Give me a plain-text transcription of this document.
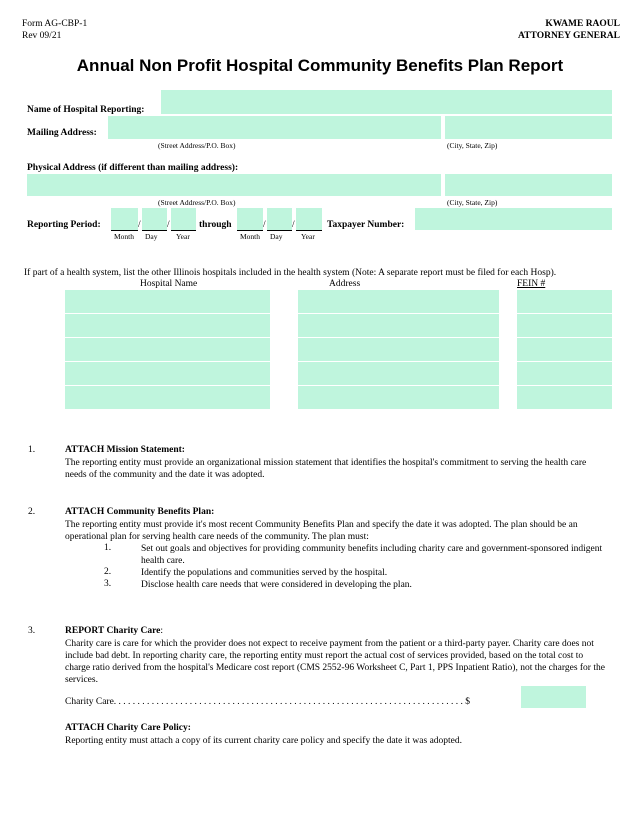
Form AG-CBP-1
Rev 09/21
KWAME RAOUL
ATTORNEY GENERAL
Annual Non Profit Hospital Community Benefits Plan Report
Name of Hospital Reporting:
Mailing Address:
(Street Address/P.O. Box)	(City, State, Zip)
Physical Address (if different than mailing address):
(Street Address/P.O. Box)	(City, State, Zip)
Reporting Period:	/	/
Month Day Year
through	/	/
Month Day Year
Taxpayer Number:
If part of a health system, list the other Illinois hospitals included in the health system (Note: A separate report must be filed for each Hosp).
Hospital Name	Address	FEIN #
1.	ATTACH Mission Statement:
The reporting entity must provide an organizational mission statement that identifies the hospital's commitment to serving the health care needs of the community and the date it was adopted.
2.	ATTACH Community Benefits Plan:
The reporting entity must provide it's most recent Community Benefits Plan and specify the date it was adopted. The plan should be an operational plan for serving health care needs of the community. The plan must:
1.	Set out goals and objectives for providing community benefits including charity care and government-sponsored indigent health care.
2.	Identify the populations and communities served by the hospital.
3.	Disclose health care needs that were considered in developing the plan.
3.	REPORT Charity Care:
Charity care is care for which the provider does not expect to receive payment from the patient or a third-party payer. Charity care does not include bad debt. In reporting charity care, the reporting entity must report the actual cost of services provided, based on the total cost to charge ratio derived from the hospital's Medicare cost report (CMS 2552-96 Worksheet C, Part 1, PPS Inpatient Ratio), not the charges for the services.
Charity Care. . . . . . . . . . . . . . . . . . . . . . . . . . . . . . . . . . . . . . . . . . . . . . . . . . . . . . . . . . . . . . . . . . . . . . . . . . $
ATTACH Charity Care Policy:
Reporting entity must attach a copy of its current charity care policy and specify the date it was adopted.
